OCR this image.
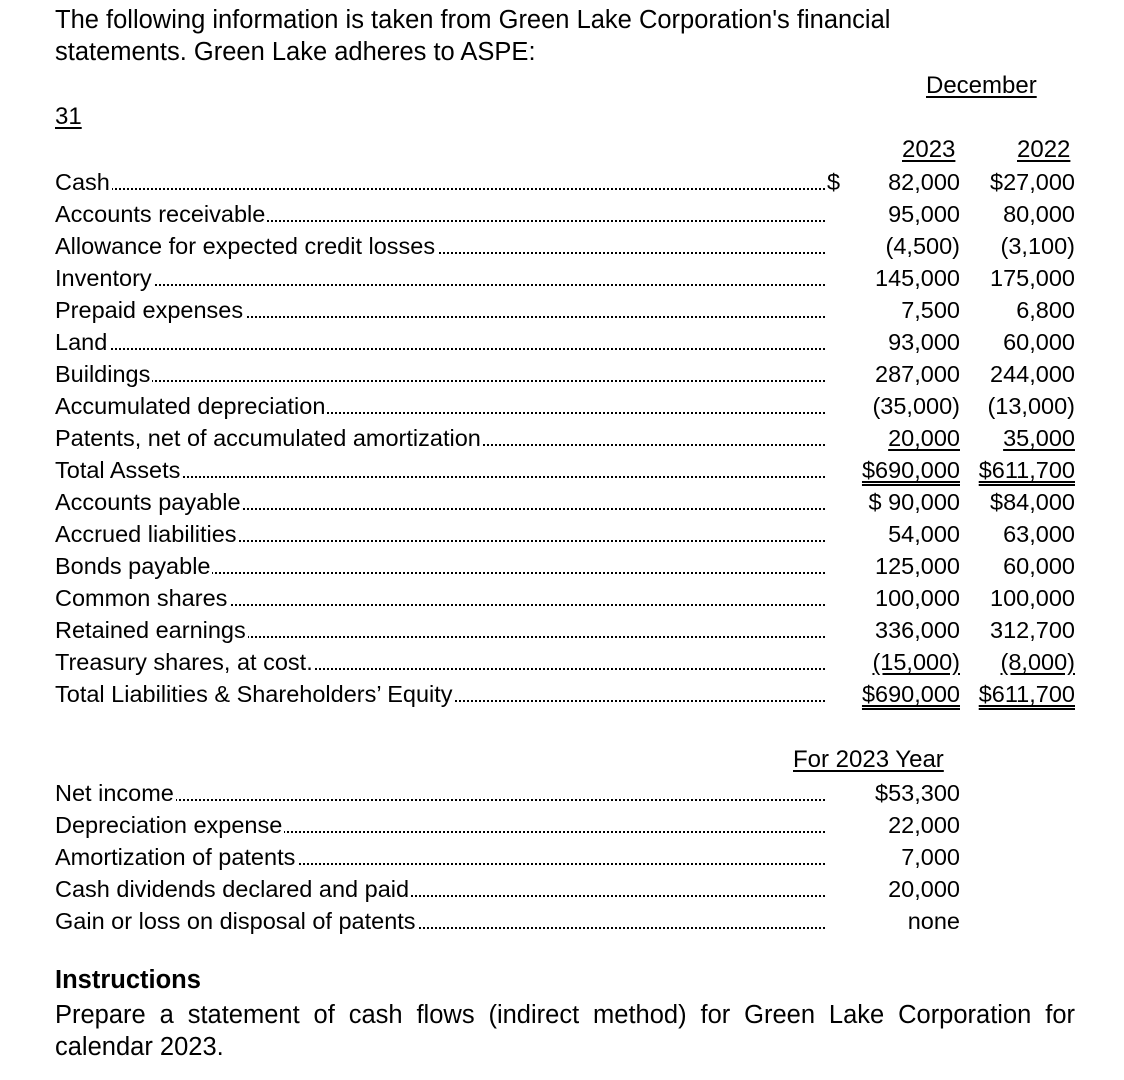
The following information is taken from Green Lake Corporation's financial
statements. Green Lake adheres to ASPE:
December
31
2023	2022
Cash	$ 82,000 $27,000
Accounts receivable	95,000 80,000
Allowance for expected credit losses	(4,500) (3,100)
Inventory	145,000 175,000
Prepaid expenses	7,500 6,800
Land	93,000 60,000
Buildings	287,000 244,000
Accumulated depreciation	(35,000) (13,000)
Patents, net of accumulated amortization	20,000 35,000
Total Assets	$690,000 $611,700
Accounts payable	$ 90,000 $84,000
Accrued liabilities	54,000 63,000
Bonds payable	125,000 60,000
Common shares	100,000 100,000
Retained earnings	336,000 312,700
Treasury shares, at cost.	(15,000) (8,000)
Total Liabilities & Shareholders’ Equity	$690,000 $611,700
For 2023 Year
Net income	$53,300
Depreciation expense	22,000
Amortization of patents	7,000
Cash dividends declared and paid	20,000
Gain or loss on disposal of patents	none
Instructions
Prepare a statement of cash flows (indirect method) for Green Lake Corporation for calendar 2023.
